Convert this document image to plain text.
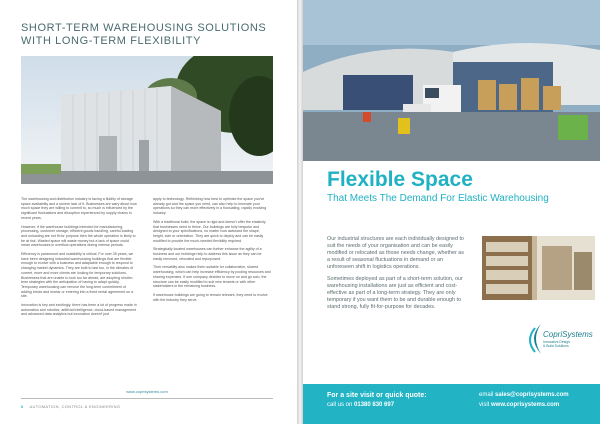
SHORT-TERM WAREHOUSING SOLUTIONS WITH LONG-TERM FLEXIBILITY

The warehousing and distribution industry is facing a fluidity of storage space availability and a severe lack of it. Businesses are wary about how much space they are willing to commit to, so much is influenced by the significant fluctuations and disruption experienced by supply chains in recent years.

However, if the warehouse buildings intended for manufacturing, processing, customer storage, efficient goods handling, careful loading and unloading are not fit for purpose then the whole operation is likely to be at risk. Wasted space will waste money but a lack of space could mean warehouses in overflow operations during intense periods.

Efficiency is paramount and scalability is critical. For over 35 years, we have been designing industrial warehousing buildings that are flexible enough to evolve with a business and adaptable enough to respond to changing market dynamics. They are built to last too, in the climates of current, more and more clients are looking for temporary solutions. Businesses that are unable to look too far ahead, are adopting shorter-term strategies with the anticipation of having to adapt quickly. Temporary warehousing can remove the long-term commitment of adding bricks and mortar or entering into a fixed rental agreement on a site.

Innovation is key and excitingly, there has been a lot of progress made in automation and robotics, artificial intelligence, cloud-based management and advanced data analytics but innovation doesn't just

apply to technology. Rethinking how best to optimise the space you've already got and the space you need, can also help to innovate your operations so they can more effectively in a fluctuating, rapidly evolving industry.

With a traditional build, the space is rigid and doesn't offer the elasticity that businesses need to thrive. Our buildings are fully bespoke and designed to your specifications, no matter how awkward the shape, height, size or orientation. They are quick to deploy and can be easily modified to provide the much-needed flexibility required.

Strategically located warehouses can further enhance the agility of a business and our buildings help to address this issue as they can be easily removed, relocated and repurposed.

Their versatility also makes them suitable for collaborative, shared warehousing, which can help increase efficiency by pooling resources and sharing expenses. If one company decides to move on and go solo, the structure can be easily modified to suit new tenants or with other stakeholders in the remaining business.

If warehouse buildings are going to remain relevant, they need to evolve with the industry they serve.

www.coprisystems.com
6 AUTOMATION, CONTROL & ENGINEERING
Flexible Space
That Meets The Demand For Elastic Warehousing

Our industrial structures are each individually designed to suit the needs of your organisation and can be easily modified or relocated as those needs change, whether as a result of seasonal fluctuations in demand or an unforeseen shift in logistics operations.

Sometimes deployed as part of a short-term solution, our warehousing installations are just as efficient and cost-effective as part of a long-term strategy. They are only temporary if you want them to be and durable enough to stand strong, fully fit-for-purpose for decades.

CopriSystems
Innovative Design
& Build Solutions
For a site visit or quick quote:
call us on 01380 830 697
email sales@coprisystems.com
visit www.coprisystems.com
